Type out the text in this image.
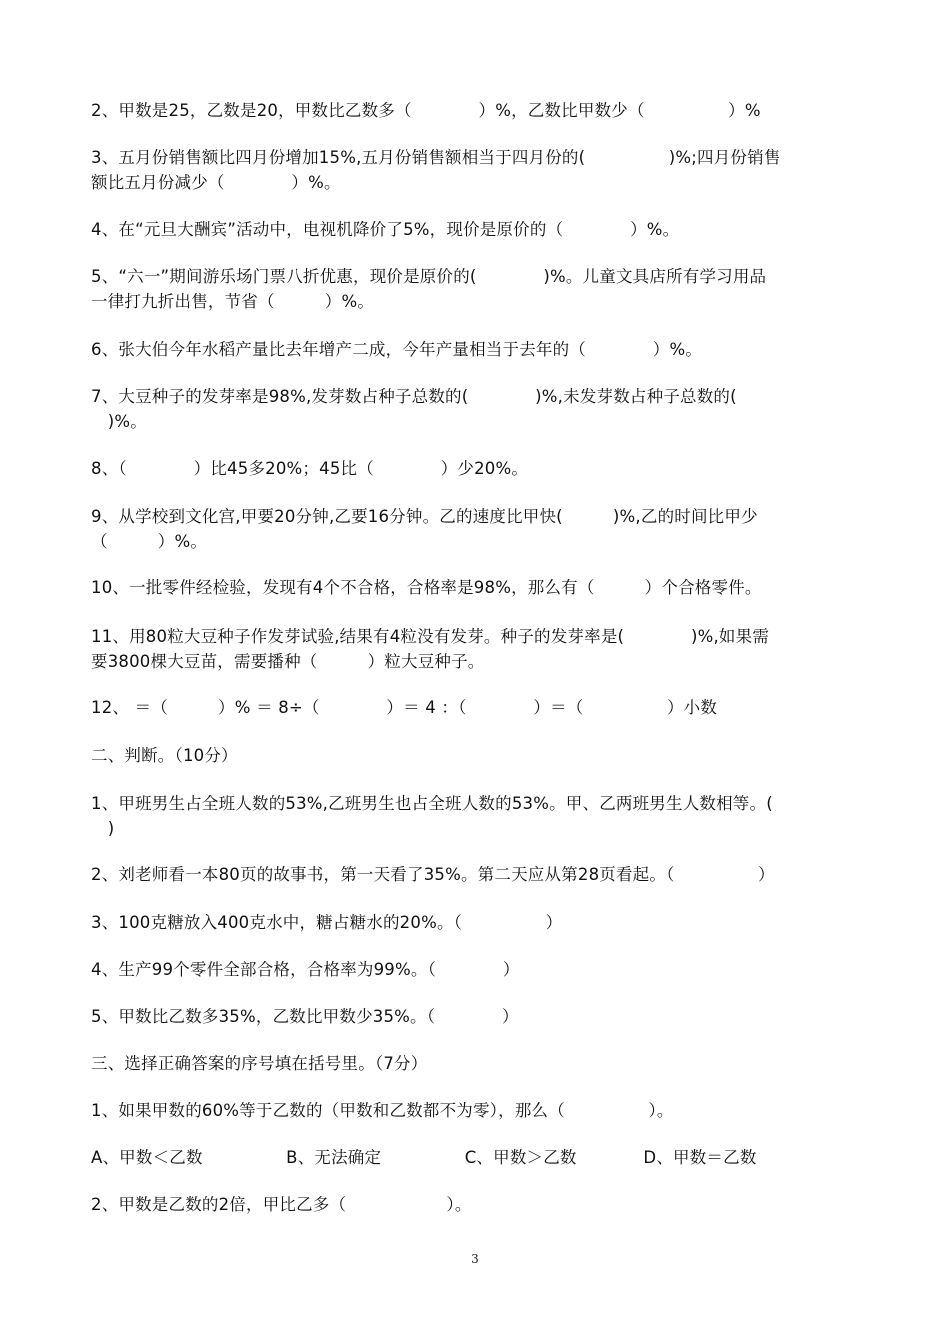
2、甲数是25，乙数是20，甲数比乙数多（　　　　）%，乙数比甲数少（　　　　　）%
3、五月份销售额比四月份增加15%,五月份销售额相当于四月份的(　　　　　)%;四月份销售
额比五月份减少（　　　　）%。
4、在“元旦大酬宾”活动中，电视机降价了5%，现价是原价的（　　　　）%。
5、“六一”期间游乐场门票八折优惠，现价是原价的(　　　　)%。儿童文具店所有学习用品
一律打九折出售，节省（　　　）%。
6、张大伯今年水稻产量比去年增产二成，今年产量相当于去年的（　　　　）%。
7、大豆种子的发芽率是98%,发芽数占种子总数的(　　　　)%,未发芽数占种子总数的(
　)%。
8、（　　　　）比45多20%；45比（　　　　）少20%。
9、从学校到文化宫,甲要20分钟,乙要16分钟。乙的速度比甲快(　　　)%,乙的时间比甲少
（　　　）%。
10、一批零件经检验，发现有4个不合格，合格率是98%，那么有（　　　）个合格零件。
11、用80粒大豆种子作发芽试验,结果有4粒没有发芽。种子的发芽率是(　　　　)%,如果需
要3800棵大豆苗，需要播种（　　　）粒大豆种子。
12、 ＝（　　　）% ＝ 8÷（　　　　）＝ 4 ：（　　　　）＝（　　　　　）小数
二、判断。（10分）
1、甲班男生占全班人数的53%,乙班男生也占全班人数的53%。甲、乙两班男生人数相等。(
　)
2、刘老师看一本80页的故事书，第一天看了35%。第二天应从第28页看起。（　　　　　）
3、100克糖放入400克水中，糖占糖水的20%。（　　　　　）
4、生产99个零件全部合格，合格率为99%。（　　　　）
5、甲数比乙数多35%，乙数比甲数少35%。（　　　　）
三、选择正确答案的序号填在括号里。（7分）
1、如果甲数的60%等于乙数的（甲数和乙数都不为零），那么（　　　　　）。
A、甲数＜乙数　　　　　B、无法确定　　　　　C、甲数＞乙数　　　　D、甲数＝乙数
2、甲数是乙数的2倍，甲比乙多（　　　　　　）。
3
